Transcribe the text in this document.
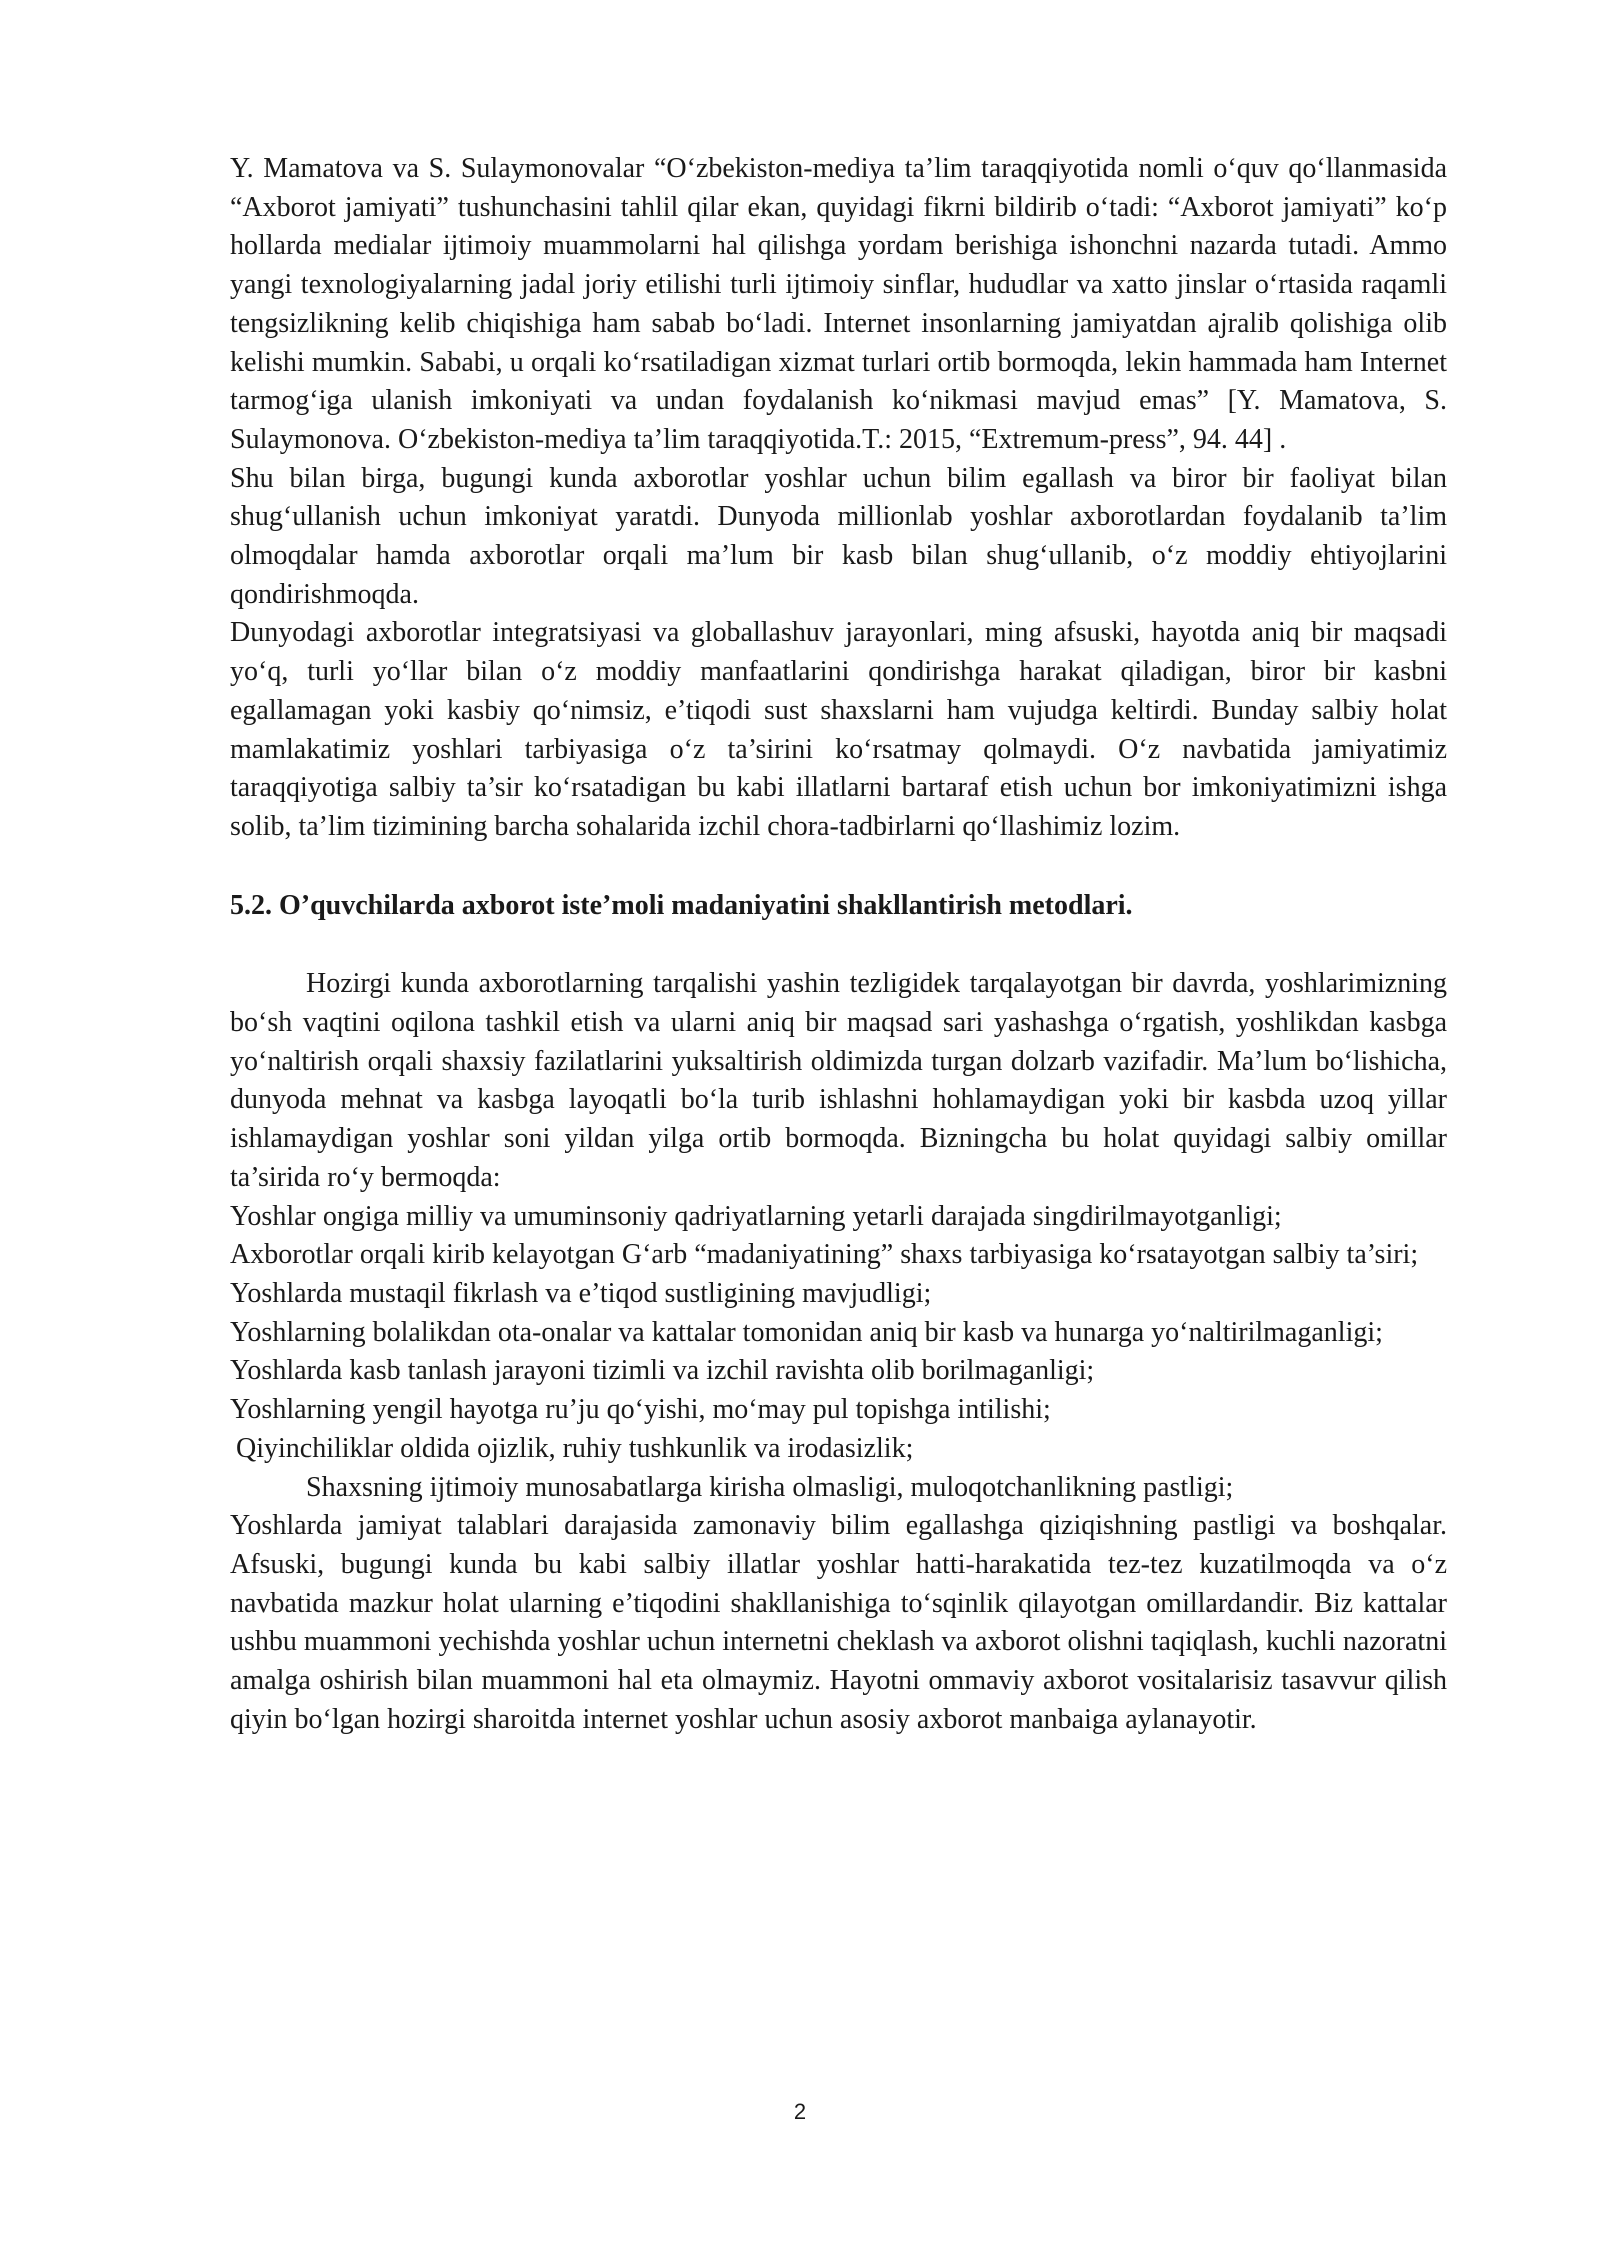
Y. Mamatova va S. Sulaymonovalar “O‘zbekiston-mediya ta’lim taraqqiyotida nomli o‘quv qo‘llanmasida “Axborot jamiyati” tushunchasini tahlil qilar ekan, quyidagi fikrni bildirib o‘tadi: “Axborot jamiyati” ko‘p hollarda medialar ijtimoiy muammolarni hal qilishga yordam berishiga ishonchni nazarda tutadi. Ammo yangi texnologiyalarning jadal joriy etilishi turli ijtimoiy sinflar, hududlar va xatto jinslar o‘rtasida raqamli tengsizlikning kelib chiqishiga ham sabab bo‘ladi. Internet insonlarning jamiyatdan ajralib qolishiga olib kelishi mumkin. Sababi, u orqali ko‘rsatiladigan xizmat turlari ortib bormoqda, lekin hammada ham Internet tarmog‘iga ulanish imkoniyati va undan foydalanish ko‘nikmasi mavjud emas” [Y. Mamatova, S. Sulaymonova. O‘zbekiston-mediya ta’lim taraqqiyotida.T.: 2015, “Extremum-press”, 94. 44] .

Shu bilan birga, bugungi kunda axborotlar yoshlar uchun bilim egallash va biror bir faoliyat bilan shug‘ullanish uchun imkoniyat yaratdi. Dunyoda millionlab yoshlar axborotlardan foydalanib ta’lim olmoqdalar hamda axborotlar orqali ma’lum bir kasb bilan shug‘ullanib, o‘z moddiy ehtiyojlarini qondirishmoqda.

Dunyodagi axborotlar integratsiyasi va globallashuv jarayonlari, ming afsuski, hayotda aniq bir maqsadi yo‘q, turli yo‘llar bilan o‘z moddiy manfaatlarini qondirishga harakat qiladigan, biror bir kasbni egallamagan yoki kasbiy qo‘nimsiz, e’tiqodi sust shaxslarni ham vujudga keltirdi. Bunday salbiy holat mamlakatimiz yoshlari tarbiyasiga o‘z ta’sirini ko‘rsatmay qolmaydi. O‘z navbatida jamiyatimiz taraqqiyotiga salbiy ta’sir ko‘rsatadigan bu kabi illatlarni bartaraf etish uchun bor imkoniyatimizni ishga solib, ta’lim tizimining barcha sohalarida izchil chora-tadbirlarni qo‘llashimiz lozim.

5.2. O’quvchilarda axborot iste’moli madaniyatini shakllantirish metodlari.

Hozirgi kunda axborotlarning tarqalishi yashin tezligidek tarqalayotgan bir davrda, yoshlarimizning bo‘sh vaqtini oqilona tashkil etish va ularni aniq bir maqsad sari yashashga o‘rgatish, yoshlikdan kasbga yo‘naltirish orqali shaxsiy fazilatlarini yuksaltirish oldimizda turgan dolzarb vazifadir. Ma’lum bo‘lishicha, dunyoda mehnat va kasbga layoqatli bo‘la turib ishlashni hohlamaydigan yoki bir kasbda uzoq yillar ishlamaydigan yoshlar soni yildan yilga ortib bormoqda. Bizningcha bu holat quyidagi salbiy omillar ta’sirida ro‘y bermoqda:

Yoshlar ongiga milliy va umuminsoniy qadriyatlarning yetarli darajada singdirilmayotganligi;

Axborotlar orqali kirib kelayotgan G‘arb “madaniyatining” shaxs tarbiyasiga ko‘rsatayotgan salbiy ta’siri;

Yoshlarda mustaqil fikrlash va e’tiqod sustligining mavjudligi;

Yoshlarning bolalikdan ota-onalar va kattalar tomonidan aniq bir kasb va hunarga yo‘naltirilmaganligi;

Yoshlarda kasb tanlash jarayoni tizimli va izchil ravishta olib borilmaganligi;

Yoshlarning yengil hayotga ru’ju qo‘yishi, mo‘may pul topishga intilishi;

Qiyinchiliklar oldida ojizlik, ruhiy tushkunlik va irodasizlik;

Shaxsning ijtimoiy munosabatlarga kirisha olmasligi, muloqotchanlikning pastligi;

Yoshlarda jamiyat talablari darajasida zamonaviy bilim egallashga qiziqishning pastligi va boshqalar. Afsuski, bugungi kunda bu kabi salbiy illatlar yoshlar hatti-harakatida tez-tez kuzatilmoqda va o‘z navbatida mazkur holat ularning e’tiqodini shakllanishiga to‘sqinlik qilayotgan omillardandir. Biz kattalar ushbu muammoni yechishda yoshlar uchun internetni cheklash va axborot olishni taqiqlash, kuchli nazoratni amalga oshirish bilan muammoni hal eta olmaymiz. Hayotni ommaviy axborot vositalarisiz tasavvur qilish qiyin bo‘lgan hozirgi sharoitda internet yoshlar uchun asosiy axborot manbaiga aylanayotir.

2
